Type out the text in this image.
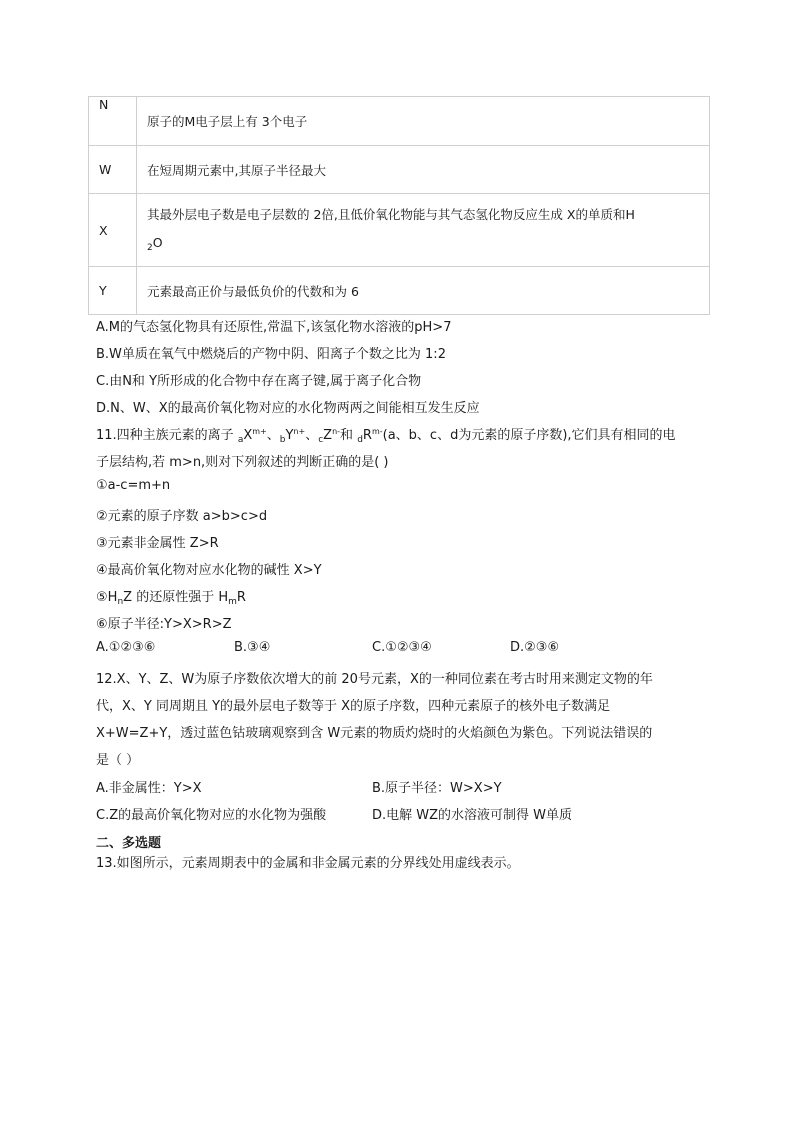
N	原子的M电子层上有 3个电子
W	在短周期元素中,其原子半径最大
X	其最外层电子数是电子层数的 2倍,且低价氧化物能与其气态氢化物反应生成 X的单质和H
$_2$O
Y	元素最高正价与最低负价的代数和为 6
A.M的气态氢化物具有还原性,常温下,该氢化物水溶液的pH>7
B.W单质在氧气中燃烧后的产物中阴、阳离子个数之比为 1:2
C.由N和 Y所形成的化合物中存在离子键,属于离子化合物
D.N、W、X的最高价氧化物对应的水化物两两之间能相互发生反应
11.四种主族元素的离子 $_aX^{m+}$、$_bY^{n+}$、$_cZ^{n-}$和 $_dR^{m-}(a$、b、c、d为元素的原子序数),它们具有相同的电
子层结构,若 m>n,则对下列叙述的判断正确的是( )
①a-c=m+n
②元素的原子序数 a>b>c>d
③元素非金属性 Z>R
④最高价氧化物对应水化物的碱性 X>Y
$⑤H_nZ$ 的还原性强于 $H_mR$
⑥原子半径:Y>X>R>Z
A.①②③⑥	B.③④	C.①②③④	D.②③⑥
12.X、Y、Z、W为原子序数依次增大的前 20号元素，X的一种同位素在考古时用来测定文物的年
代，X、Y 同周期且 Y的最外层电子数等于 X的原子序数，四种元素原子的核外电子数满足
X+W=Z+Y，透过蓝色钴玻璃观察到含 W元素的物质灼烧时的火焰颜色为紫色。下列说法错误的
是（ ）
A.非金属性：Y>X	B.原子半径：W>X>Y
C.Z的最高价氧化物对应的水化物为强酸	D.电解 WZ的水溶液可制得 W单质
二、多选题
13.如图所示，元素周期表中的金属和非金属元素的分界线处用虚线表示。
